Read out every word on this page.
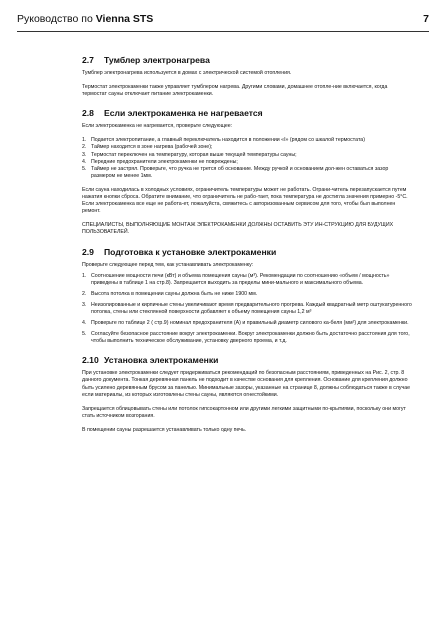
Руководство по Vienna STS	7
2.7 Тумблер электронагрева

Тумблер электронагрева используется в домах с электрической системой отопления.

Термостат электрокаменки также управляет тумблером нагрева. Другими словами, домашнее отопле-ние включается, когда термостат сауны отключает питание электрокаменки.

2.8 Если электрокаменка не нагревается

Если электрокаменка не нагревается, проверьте следующее:

1. Подается электропитание, а главный переключатель находится в положении «I» (рядом со шкалой термостата)
2. Таймер находится в зоне нагрева (рабочей зоне);
3. Термостат переключен на температуру, которая выше текущей температуры сауны;
4. Передние предохранители электрокаменки не повреждены;
5. Таймер не застрял. Проверьте, что ручка не трется об основание. Между ручкой и основанием дол-жен оставаться зазор размером не менее 1мм.

Если сауна находилась в холодных условиях, ограничитель температуры может не работать. Ограни-читель перезапускается путем нажатия кнопки сброса. Обратите внимание, что ограничитель не рабо-тает, пока температура не достигла значения примерно -5°C. Если электрокаменка все еще не работа-ет, пожалуйста, свяжитесь с авторизованным сервисом для того, чтобы был выполнен ремонт.

СПЕЦИАЛИСТЫ, ВЫПОЛНЯЮЩИЕ МОНТАЖ ЭЛЕКТРОКАМЕНКИ ДОЛЖНЫ ОСТАВИТЬ ЭТУ ИН-СТРУКЦИЮ ДЛЯ БУДУЩИХ ПОЛЬЗОВАТЕЛЕЙ.

2.9 Подготовка к установке электрокаменки

Проверьте следующее перед тем, как устанавливать электрокаменку:

1. Соотношение мощности печи (кВт) и объема помещения сауны (м³). Рекомендации по соотношению «объем / мощность» приведены в таблице 1 на стр.8). Запрещается выходить за пределы мини-мального и максимального объема.
2. Высота потолка в помещении сауны должна быть не ниже 1900 мм.
3. Неизолированные и кирпичные стены увеличивают время предварительного прогрева. Каждый квадратный метр оштукатуренного потолка, стены или стеклянной поверхности добавляет к объему помещения сауны 1,2 м³
4. Проверьте по таблице 2 ( стр.9) номинал предохранителя (А) и правильный диаметр силового ка-беля (мм²) для электрокаменки.
5. Согласуйте безопасное расстояние вокруг электрокаменки. Вокруг электрокаменки должно быть достаточно расстояния для того, чтобы выполнить техническое обслуживание, установку дверного проема, и т.д.
2.10 Установка электрокаменки

При установке электрокаменки следует придерживаться рекомендаций по безопасным расстояниям, приведенных на Рис. 2, стр. 8 данного документа. Тонкая деревянная панель не подходит в качестве основания для крепления. Основание для крепления должно быть усилено деревянным брусом за панелью. Минимальные зазоры, указанные на странице 8, должны соблюдаться также в случае если материалы, из которых изготовлены стены сауны, являются огнестойкими.

Запрещается облицовывать стены или потолок гипсокартонном или другими легкими защитными по-крытиями, поскольку они могут стать источником возгорания.

В помещении сауны разрешается устанавливать только одну печь.
